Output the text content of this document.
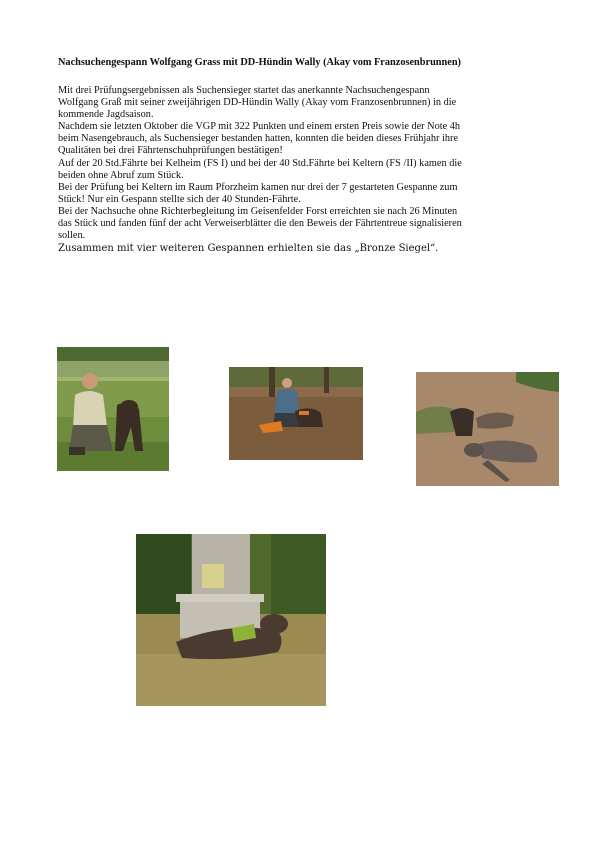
Nachsuchengespann Wolfgang Grass mit DD-Hündin Wally (Akay vom Franzosenbrunnen)
Mit drei Prüfungsergebnissen als Suchensieger startet das anerkannte Nachsuchengespann
Wolfgang Graß mit seiner zweijährigen DD-Hündin Wally (Akay vom Franzosenbrunnen) in die
kommende Jagdsaison.
Nachdem sie letzten Oktober die VGP mit 322 Punkten und einem ersten Preis sowie der Note 4h
beim Nasengebrauch, als Suchensieger bestanden hatten, konnten die beiden dieses Frühjahr ihre
Qualitäten bei drei Fährtenschuhprüfungen bestätigen!
Auf der 20 Std.Fährte bei Kelheim (FS I) und bei der 40 Std.Fährte bei Keltern (FS /II) kamen die
beiden ohne Abruf zum Stück.
Bei der Prüfung bei Keltern im Raum Pforzheim kamen nur drei der 7 gestarteten Gespanne zum
Stück! Nur ein Gespann stellte sich der 40 Stunden-Fährte.
Bei der Nachsuche ohne Richterbegleitung im Geisenfelder Forst erreichten sie nach 26 Minuten
das Stück und fanden fünf der acht Verweiserblätter die den Beweis der Fährtentreue signalisieren
sollen.
Zusammen mit vier weiteren Gespannen erhielten sie das „Bronze Siegel“.
